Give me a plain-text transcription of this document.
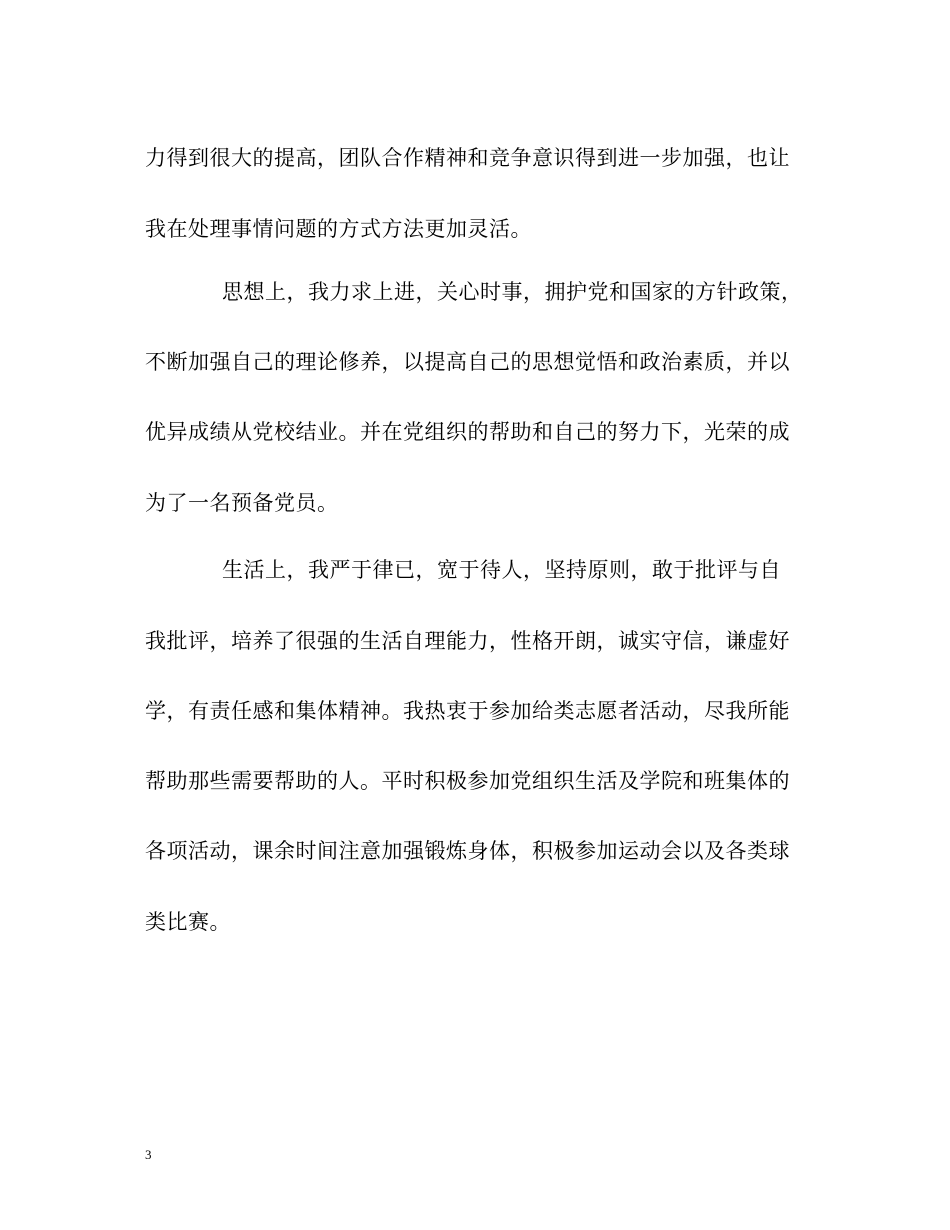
力得到很大的提高，团队合作精神和竞争意识得到进一步加强，也让
我在处理事情问题的方式方法更加灵活。
思想上，我力求上进，关心时事，拥护党和国家的方针政策，
不断加强自己的理论修养，以提高自己的思想觉悟和政治素质，并以
优异成绩从党校结业。并在党组织的帮助和自己的努力下，光荣的成
为了一名预备党员。
生活上，我严于律已，宽于待人，坚持原则，敢于批评与自
我批评，培养了很强的生活自理能力，性格开朗，诚实守信，谦虚好
学，有责任感和集体精神。我热衷于参加给类志愿者活动，尽我所能
帮助那些需要帮助的人。平时积极参加党组织生活及学院和班集体的
各项活动，课余时间注意加强锻炼身体，积极参加运动会以及各类球
类比赛。
3
